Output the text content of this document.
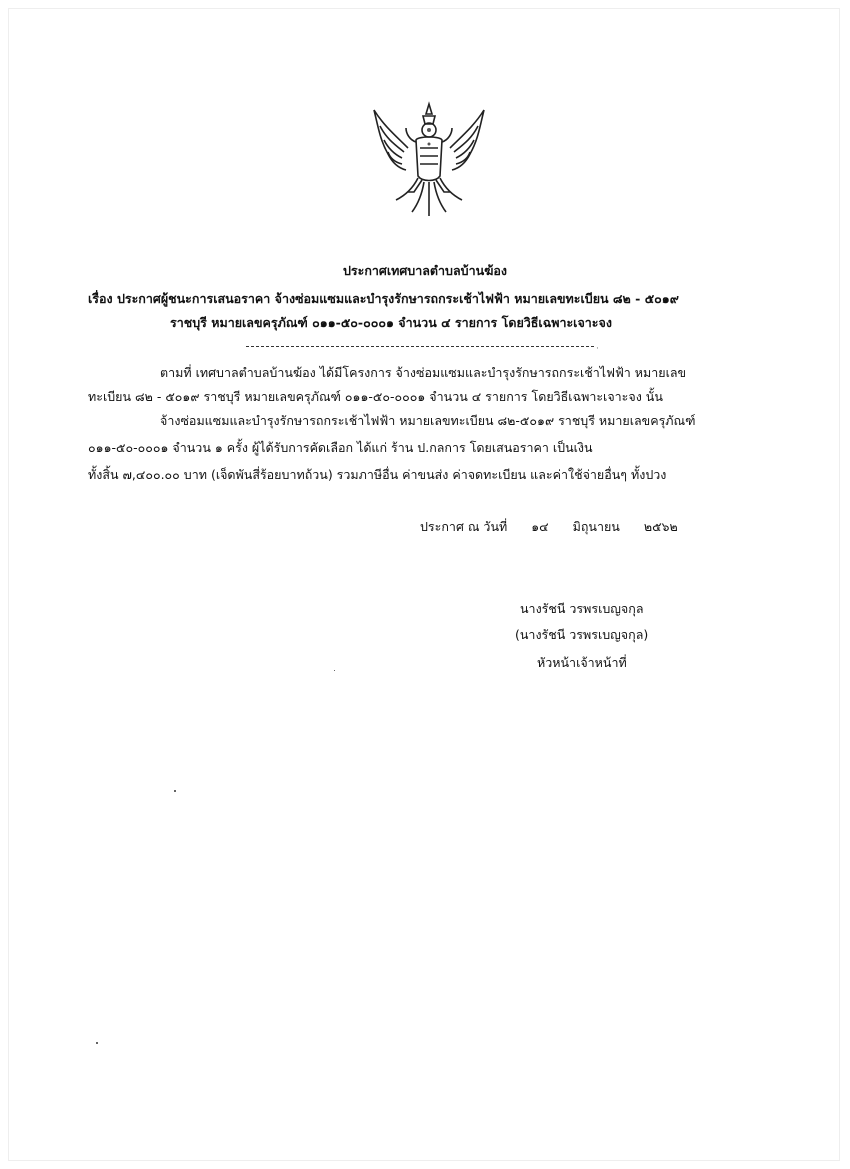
ประกาศเทศบาลตำบลบ้านฆ้อง
เรื่อง ประกาศผู้ชนะการเสนอราคา จ้างซ่อมแซมและบำรุงรักษารถกระเช้าไฟฟ้า หมายเลขทะเบียน ๘๒ - ๕๐๑๙
ราชบุรี หมายเลขครุภัณฑ์ ๐๑๑-๕๐-๐๐๐๑ จำนวน ๔ รายการ โดยวิธีเฉพาะเจาะจง
·
ตามที่ เทศบาลตำบลบ้านฆ้อง ได้มีโครงการ จ้างซ่อมแซมและบำรุงรักษารถกระเช้าไฟฟ้า หมายเลข
ทะเบียน ๘๒ - ๕๐๑๙ ราชบุรี หมายเลขครุภัณฑ์ ๐๑๑-๕๐-๐๐๐๑ จำนวน ๔ รายการ โดยวิธีเฉพาะเจาะจง นั้น
จ้างซ่อมแซมและบำรุงรักษารถกระเช้าไฟฟ้า หมายเลขทะเบียน ๘๒-๕๐๑๙ ราชบุรี หมายเลขครุภัณฑ์
๐๑๑-๕๐-๐๐๐๑ จำนวน ๑ ครั้ง ผู้ได้รับการคัดเลือก ได้แก่ ร้าน ป.กลการ โดยเสนอราคา เป็นเงิน
ทั้งสิ้น ๗,๔๐๐.๐๐ บาท (เจ็ดพันสี่ร้อยบาทถ้วน) รวมภาษีอื่น ค่าขนส่ง ค่าจดทะเบียน และค่าใช้จ่ายอื่นๆ ทั้งปวง
ประกาศ ณ วันที่ ๑๔ มิถุนายน ๒๕๖๒
นางรัชนี วรพรเบญจกุล
(นางรัชนี วรพรเบญจกุล)
หัวหน้าเจ้าหน้าที่
